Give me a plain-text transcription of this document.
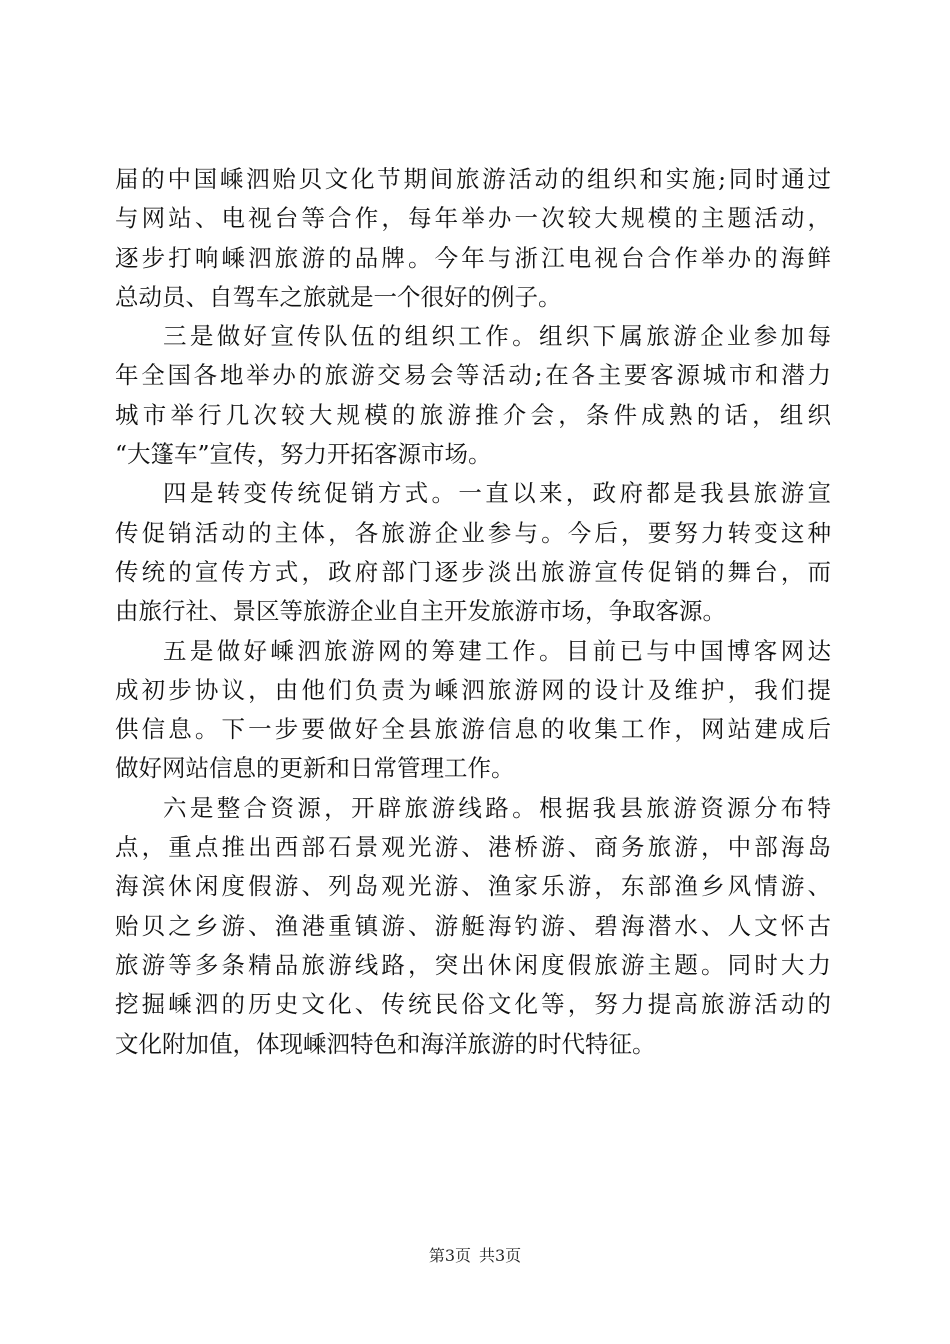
届的中国嵊泗贻贝文化节期间旅游活动的组织和实施;同时通过
与网站、电视台等合作，每年举办一次较大规模的主题活动，
逐步打响嵊泗旅游的品牌。今年与浙江电视台合作举办的海鲜
总动员、自驾车之旅就是一个很好的例子。
三是做好宣传队伍的组织工作。组织下属旅游企业参加每
年全国各地举办的旅游交易会等活动;在各主要客源城市和潜力
城市举行几次较大规模的旅游推介会，条件成熟的话，组织
“大篷车”宣传，努力开拓客源市场。
四是转变传统促销方式。一直以来，政府都是我县旅游宣
传促销活动的主体，各旅游企业参与。今后，要努力转变这种
传统的宣传方式，政府部门逐步淡出旅游宣传促销的舞台，而
由旅行社、景区等旅游企业自主开发旅游市场，争取客源。
五是做好嵊泗旅游网的筹建工作。目前已与中国博客网达
成初步协议，由他们负责为嵊泗旅游网的设计及维护，我们提
供信息。下一步要做好全县旅游信息的收集工作，网站建成后
做好网站信息的更新和日常管理工作。
六是整合资源，开辟旅游线路。根据我县旅游资源分布特
点，重点推出西部石景观光游、港桥游、商务旅游，中部海岛
海滨休闲度假游、列岛观光游、渔家乐游，东部渔乡风情游、
贻贝之乡游、渔港重镇游、游艇海钓游、碧海潜水、人文怀古
旅游等多条精品旅游线路，突出休闲度假旅游主题。同时大力
挖掘嵊泗的历史文化、传统民俗文化等，努力提高旅游活动的
文化附加值，体现嵊泗特色和海洋旅游的时代特征。
第3页 共3页
